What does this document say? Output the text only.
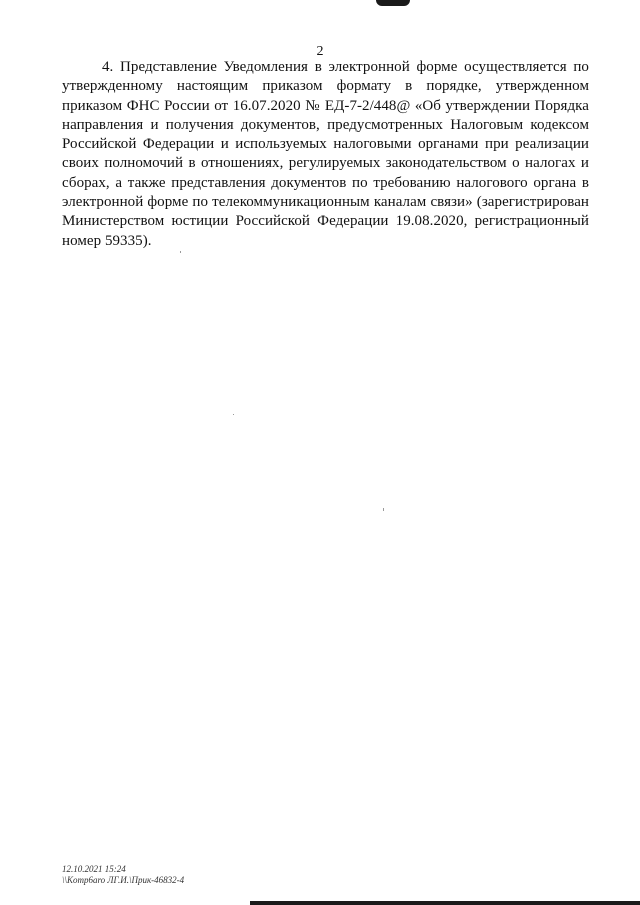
2

4. Представление Уведомления в электронной форме осуществляется по утвержденному настоящим приказом формату в порядке, утвержденном приказом ФНС России от 16.07.2020 № ЕД-7-2/448@ «Об утверждении Порядка направления и получения документов, предусмотренных Налоговым кодексом Российской Федерации и используемых налоговыми органами при реализации своих полномочий в отношениях, регулируемых законодательством о налогах и сборах, а также представления документов по требованию налогового органа в электронной форме по телекоммуникационным каналам связи» (зарегистрирован Министерством юстиции Российской Федерации 19.08.2020, регистрационный номер 59335).

12.10.2021 15:24
\\Komp6aro ЛГ.И.\Прик-46832-4
